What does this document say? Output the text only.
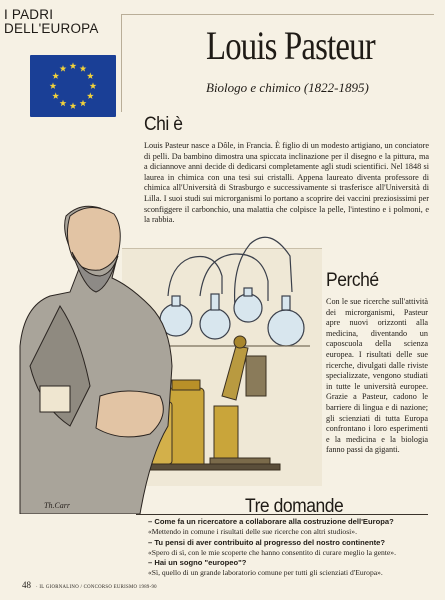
I PADRI
DELL'EUROPA	Louis Pasteur
Biologo e chimico (1822-1895)
Chi è
Louis Pasteur nasce a Dôle, in Francia. È figlio di un modesto artigiano, un conciatore di pelli. Da bambino dimostra una spiccata inclinazione per il disegno e la pittura, ma a diciannove anni decide di dedicarsi completamente agli studi scientifici. Nel 1848 si laurea in chimica con una tesi sui cristalli. Appena laureato diventa professore di chimica all'Università di Strasburgo e successivamente si trasferisce all'Università di Lilla. I suoi studi sui microrganismi lo portano a scoprire dei vaccini preziosissimi per sconfiggere il carbonchio, una malattia che colpisce la pelle, l'intestino e i polmoni, e la rabbia.
Th.Carr
Perché
Con le sue ricerche sull'attività dei microrganismi, Pasteur apre nuovi orizzonti alla medicina, diventando un caposcuola della scienza europea. I risultati delle sue ricerche, divulgati dalle riviste specializzate, vengono studiati in tutte le università europee. Grazie a Pasteur, cadono le barriere di lingua e di nazione; gli scienziati di tutta Europa confrontano i loro esperimenti e la medicina e la biologia fanno passi da giganti.
Tre domande
– Come fa un ricercatore a collaborare alla costruzione dell'Europa?
«Mettendo in comune i risultati delle sue ricerche con altri studiosi».
– Tu pensi di aver contribuito al progresso del nostro continente?
«Spero di sì, con le mie scoperte che hanno consentito di curare meglio la gente».
– Hai un sogno "europeo"?
«Sì, quello di un grande laboratorio comune per tutti gli scienziati d'Europa».
48 · IL GIORNALINO / CONCORSO EURISMO 1989-90
